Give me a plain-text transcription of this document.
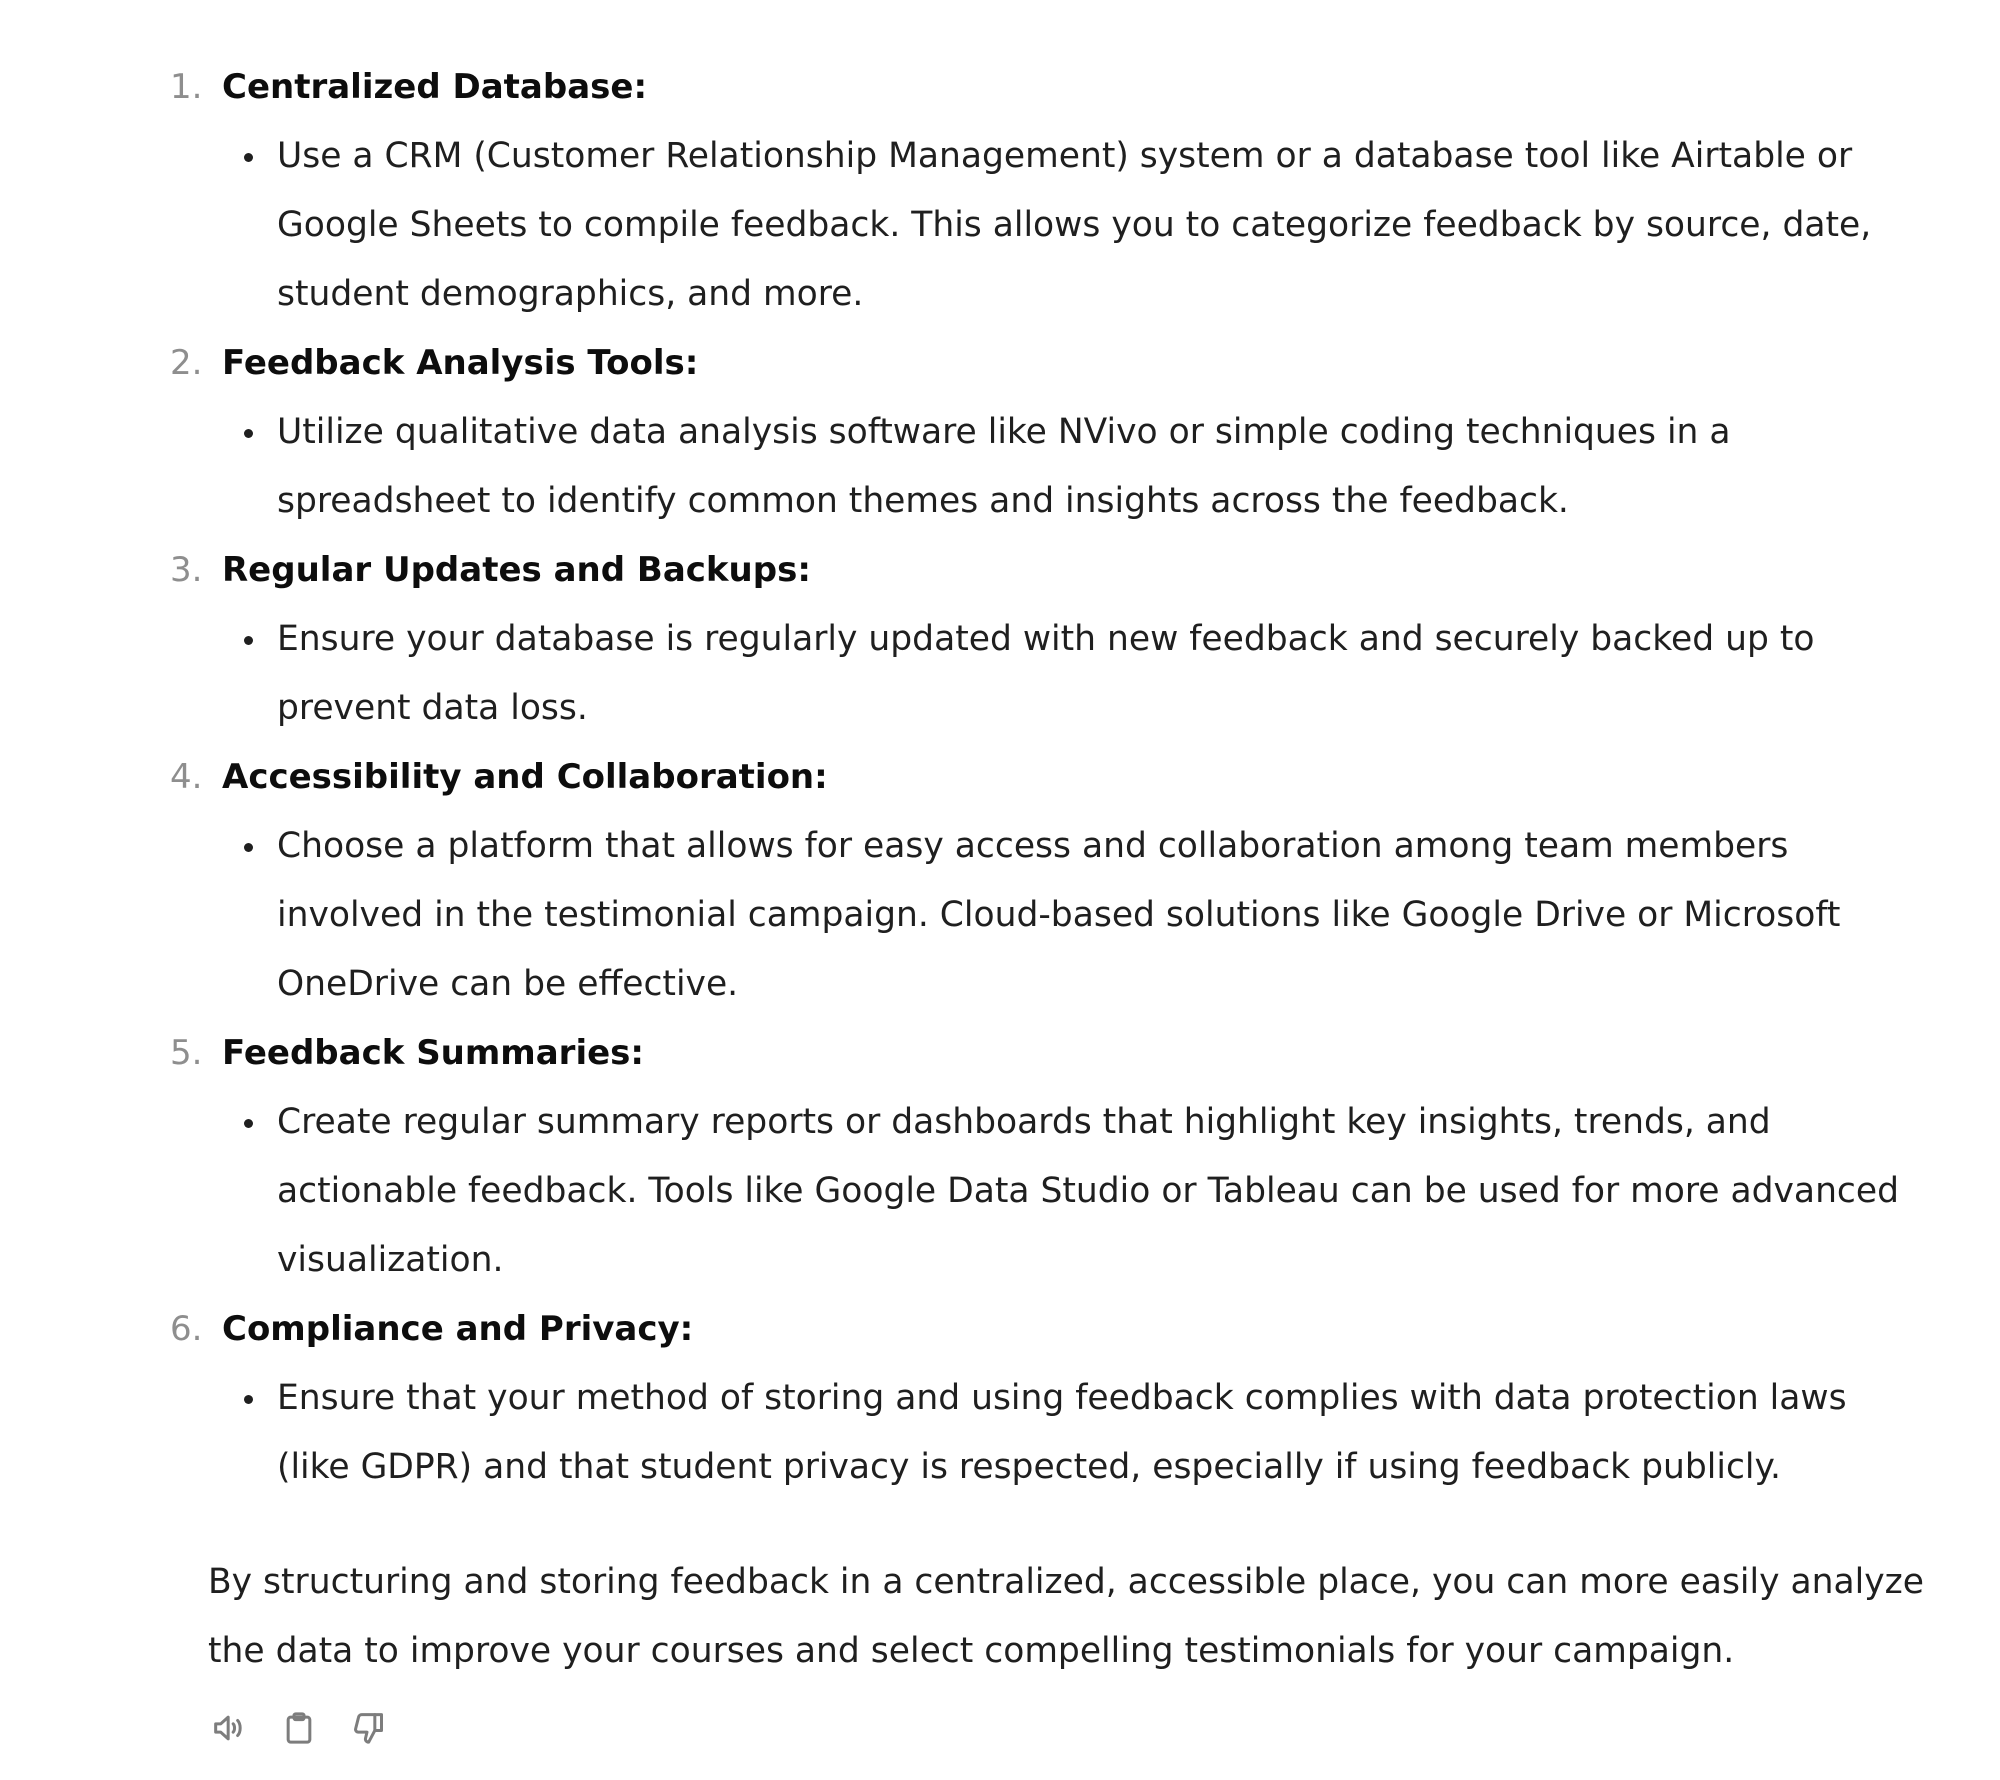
1. Centralized Database:
Use a CRM (Customer Relationship Management) system or a database tool like Airtable or Google Sheets to compile feedback. This allows you to categorize feedback by source, date, student demographics, and more.
2. Feedback Analysis Tools:
Utilize qualitative data analysis software like NVivo or simple coding techniques in a spreadsheet to identify common themes and insights across the feedback.
3. Regular Updates and Backups:
Ensure your database is regularly updated with new feedback and securely backed up to prevent data loss.
4. Accessibility and Collaboration:
Choose a platform that allows for easy access and collaboration among team members involved in the testimonial campaign. Cloud-based solutions like Google Drive or Microsoft OneDrive can be effective.
5. Feedback Summaries:
Create regular summary reports or dashboards that highlight key insights, trends, and actionable feedback. Tools like Google Data Studio or Tableau can be used for more advanced visualization.
6. Compliance and Privacy:
Ensure that your method of storing and using feedback complies with data protection laws (like GDPR) and that student privacy is respected, especially if using feedback publicly.

By structuring and storing feedback in a centralized, accessible place, you can more easily analyze the data to improve your courses and select compelling testimonials for your campaign.
